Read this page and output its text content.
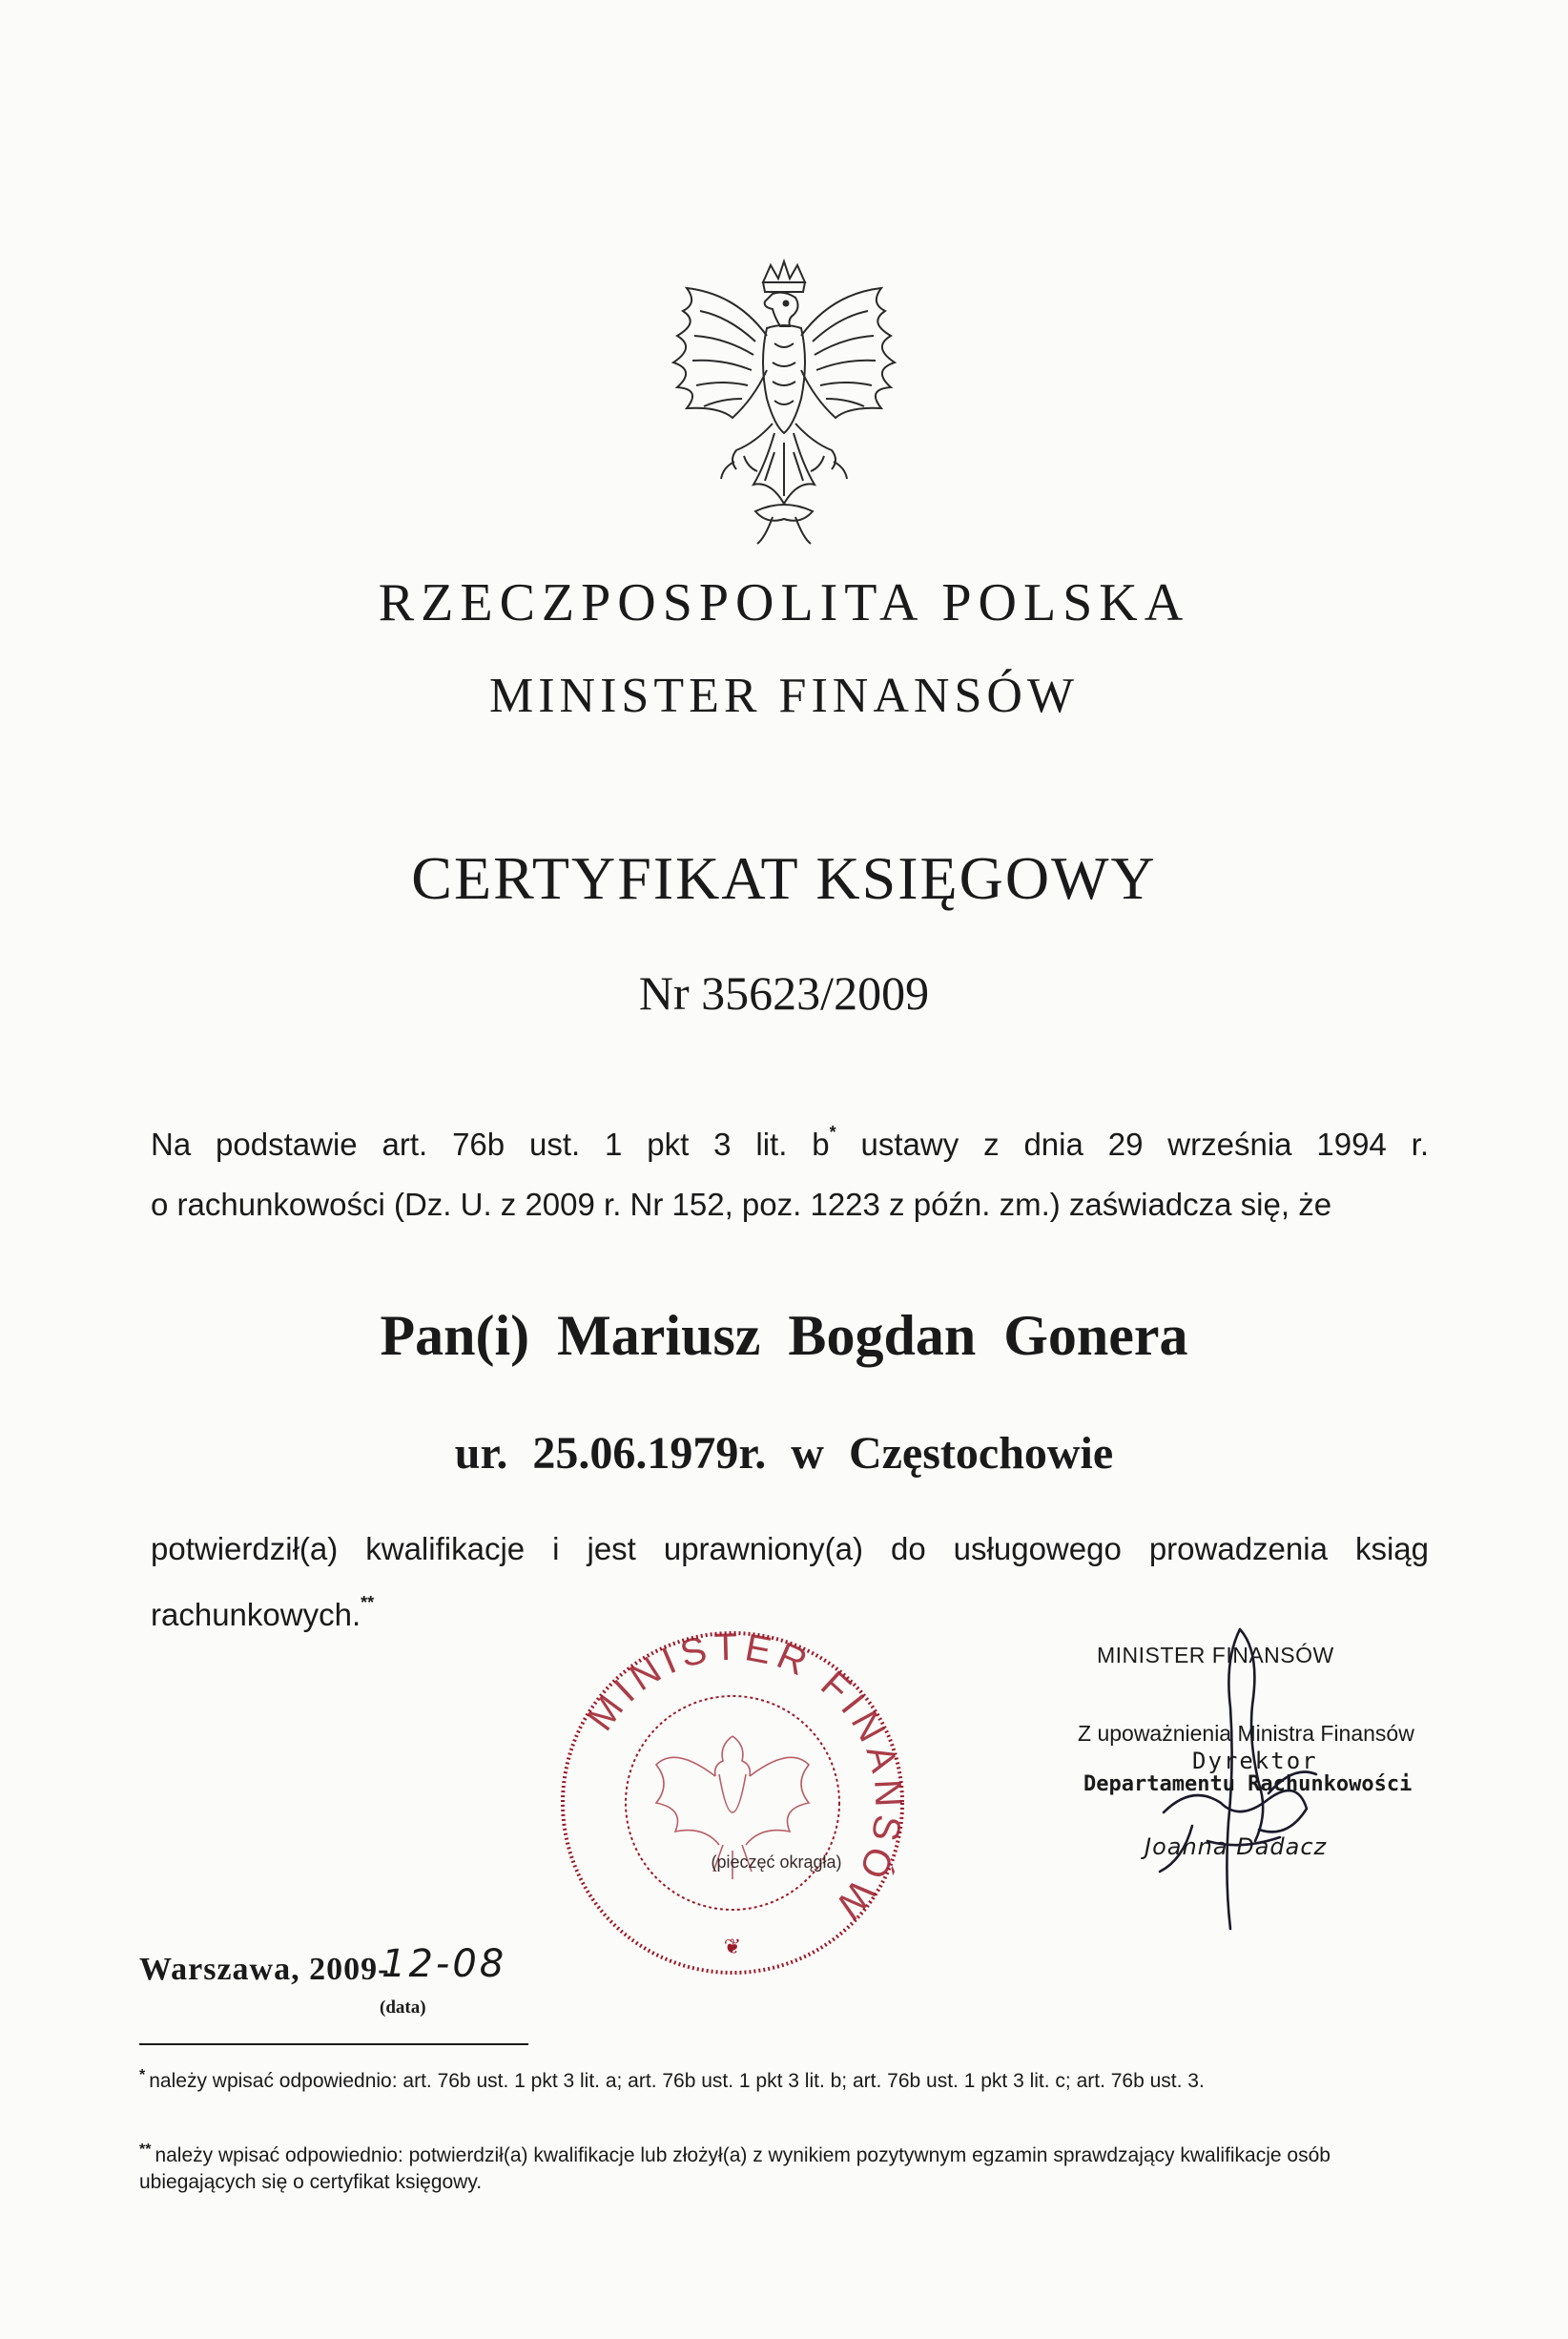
RZECZPOSPOLITA POLSKA
MINISTER FINANSÓW
CERTYFIKAT KSIĘGOWY
Nr 35623/2009
Na podstawie art. 76b ust. 1 pkt 3 lit. b* ustawy z dnia 29 września 1994 r.
o rachunkowości (Dz. U. z 2009 r. Nr 152, poz. 1223 z późn. zm.) zaświadcza się, że
Pan(i) Mariusz Bogdan Gonera
ur. 25.06.1979r. w Częstochowie
potwierdził(a) kwalifikacje i jest uprawniony(a) do usługowego prowadzenia ksiąg
rachunkowych.**
MINISTER FINANSÓW
(pieczęć okrągła)
❦
MINISTER FINANSÓW
Z upoważnienia Ministra Finansów
Dyrektor
Departamentu Rachunkowości
Joanna Dadacz
Warszawa, 2009-
12-08
(data)
* należy wpisać odpowiednio: art. 76b ust. 1 pkt 3 lit. a; art. 76b ust. 1 pkt 3 lit. b; art. 76b ust. 1 pkt 3 lit. c; art. 76b ust. 3.
** należy wpisać odpowiednio: potwierdził(a) kwalifikacje lub złożył(a) z wynikiem pozytywnym egzamin sprawdzający kwalifikacje osób ubiegających się o certyfikat księgowy.
